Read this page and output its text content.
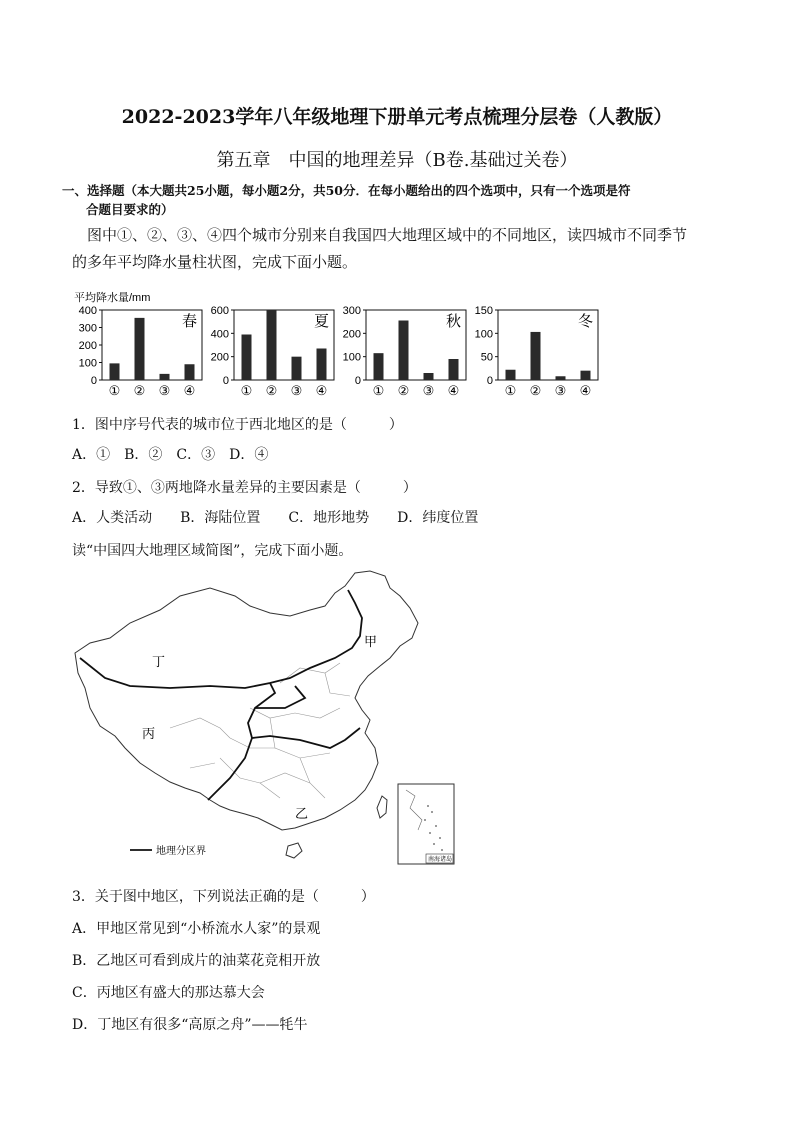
2022-2023学年八年级地理下册单元考点梳理分层卷（人教版）
第五章　中国的地理差异（B卷.基础过关卷）
一、选择题（本大题共25小题，每小题2分，共50分．在每小题给出的四个选项中，只有一个选项是符
合题目要求的）
图中①、②、③、④四个城市分别来自我国四大地理区域中的不同地区，读四城市不同季节
的多年平均降水量柱状图，完成下面小题。
平均降水量/mm
0
100
200
300
400
春
① ② ③ ④
0
200
400
600
夏
① ② ③ ④
0
100
200
300
秋
① ② ③ ④
0
50
100
150
冬
① ② ③ ④
1．图中序号代表的城市位于西北地区的是（　　　）
A．①　B．②　C．③　D．④
2．导致①、③两地降水量差异的主要因素是（　　　）
A．人类活动　　B．海陆位置　　C．地形地势　　D．纬度位置
读“中国四大地理区域简图”，完成下面小题。
甲
丁
丙
乙
地理分区界
南海诸岛
3．关于图中地区，下列说法正确的是（　　　）
A．甲地区常见到“小桥流水人家”的景观
B．乙地区可看到成片的油菜花竞相开放
C．丙地区有盛大的那达慕大会
D．丁地区有很多“高原之舟”——牦牛
